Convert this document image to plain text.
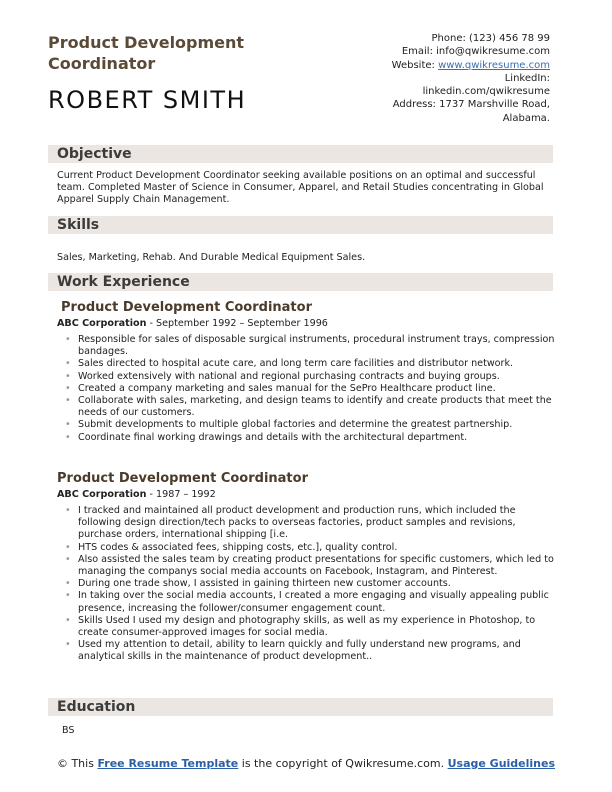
Product Development Coordinator
ROBERT SMITH
Phone: (123) 456 78 99
Email: info@qwikresume.com
Website: www.qwikresume.com
LinkedIn:
linkedin.com/qwikresume
Address: 1737 Marshville Road,
Alabama.
Objective
Current Product Development Coordinator seeking available positions on an optimal and successful team. Completed Master of Science in Consumer, Apparel, and Retail Studies concentrating in Global Apparel Supply Chain Management.
Skills
Sales, Marketing, Rehab. And Durable Medical Equipment Sales.
Work Experience
Product Development Coordinator
ABC Corporation - September 1992 – September 1996
• Responsible for sales of disposable surgical instruments, procedural instrument trays, compression bandages.
• Sales directed to hospital acute care, and long term care facilities and distributor network.
• Worked extensively with national and regional purchasing contracts and buying groups.
• Created a company marketing and sales manual for the SePro Healthcare product line.
• Collaborate with sales, marketing, and design teams to identify and create products that meet the needs of our customers.
• Submit developments to multiple global factories and determine the greatest partnership.
• Coordinate final working drawings and details with the architectural department.
Product Development Coordinator
ABC Corporation - 1987 – 1992
• I tracked and maintained all product development and production runs, which included the following design direction/tech packs to overseas factories, product samples and revisions, purchase orders, international shipping [i.e.
• HTS codes & associated fees, shipping costs, etc.], quality control.
• Also assisted the sales team by creating product presentations for specific customers, which led to managing the companys social media accounts on Facebook, Instagram, and Pinterest.
• During one trade show, I assisted in gaining thirteen new customer accounts.
• In taking over the social media accounts, I created a more engaging and visually appealing public presence, increasing the follower/consumer engagement count.
• Skills Used I used my design and photography skills, as well as my experience in Photoshop, to create consumer-approved images for social media.
• Used my attention to detail, ability to learn quickly and fully understand new programs, and analytical skills in the maintenance of product development..
Education
BS
© This Free Resume Template is the copyright of Qwikresume.com. Usage Guidelines
